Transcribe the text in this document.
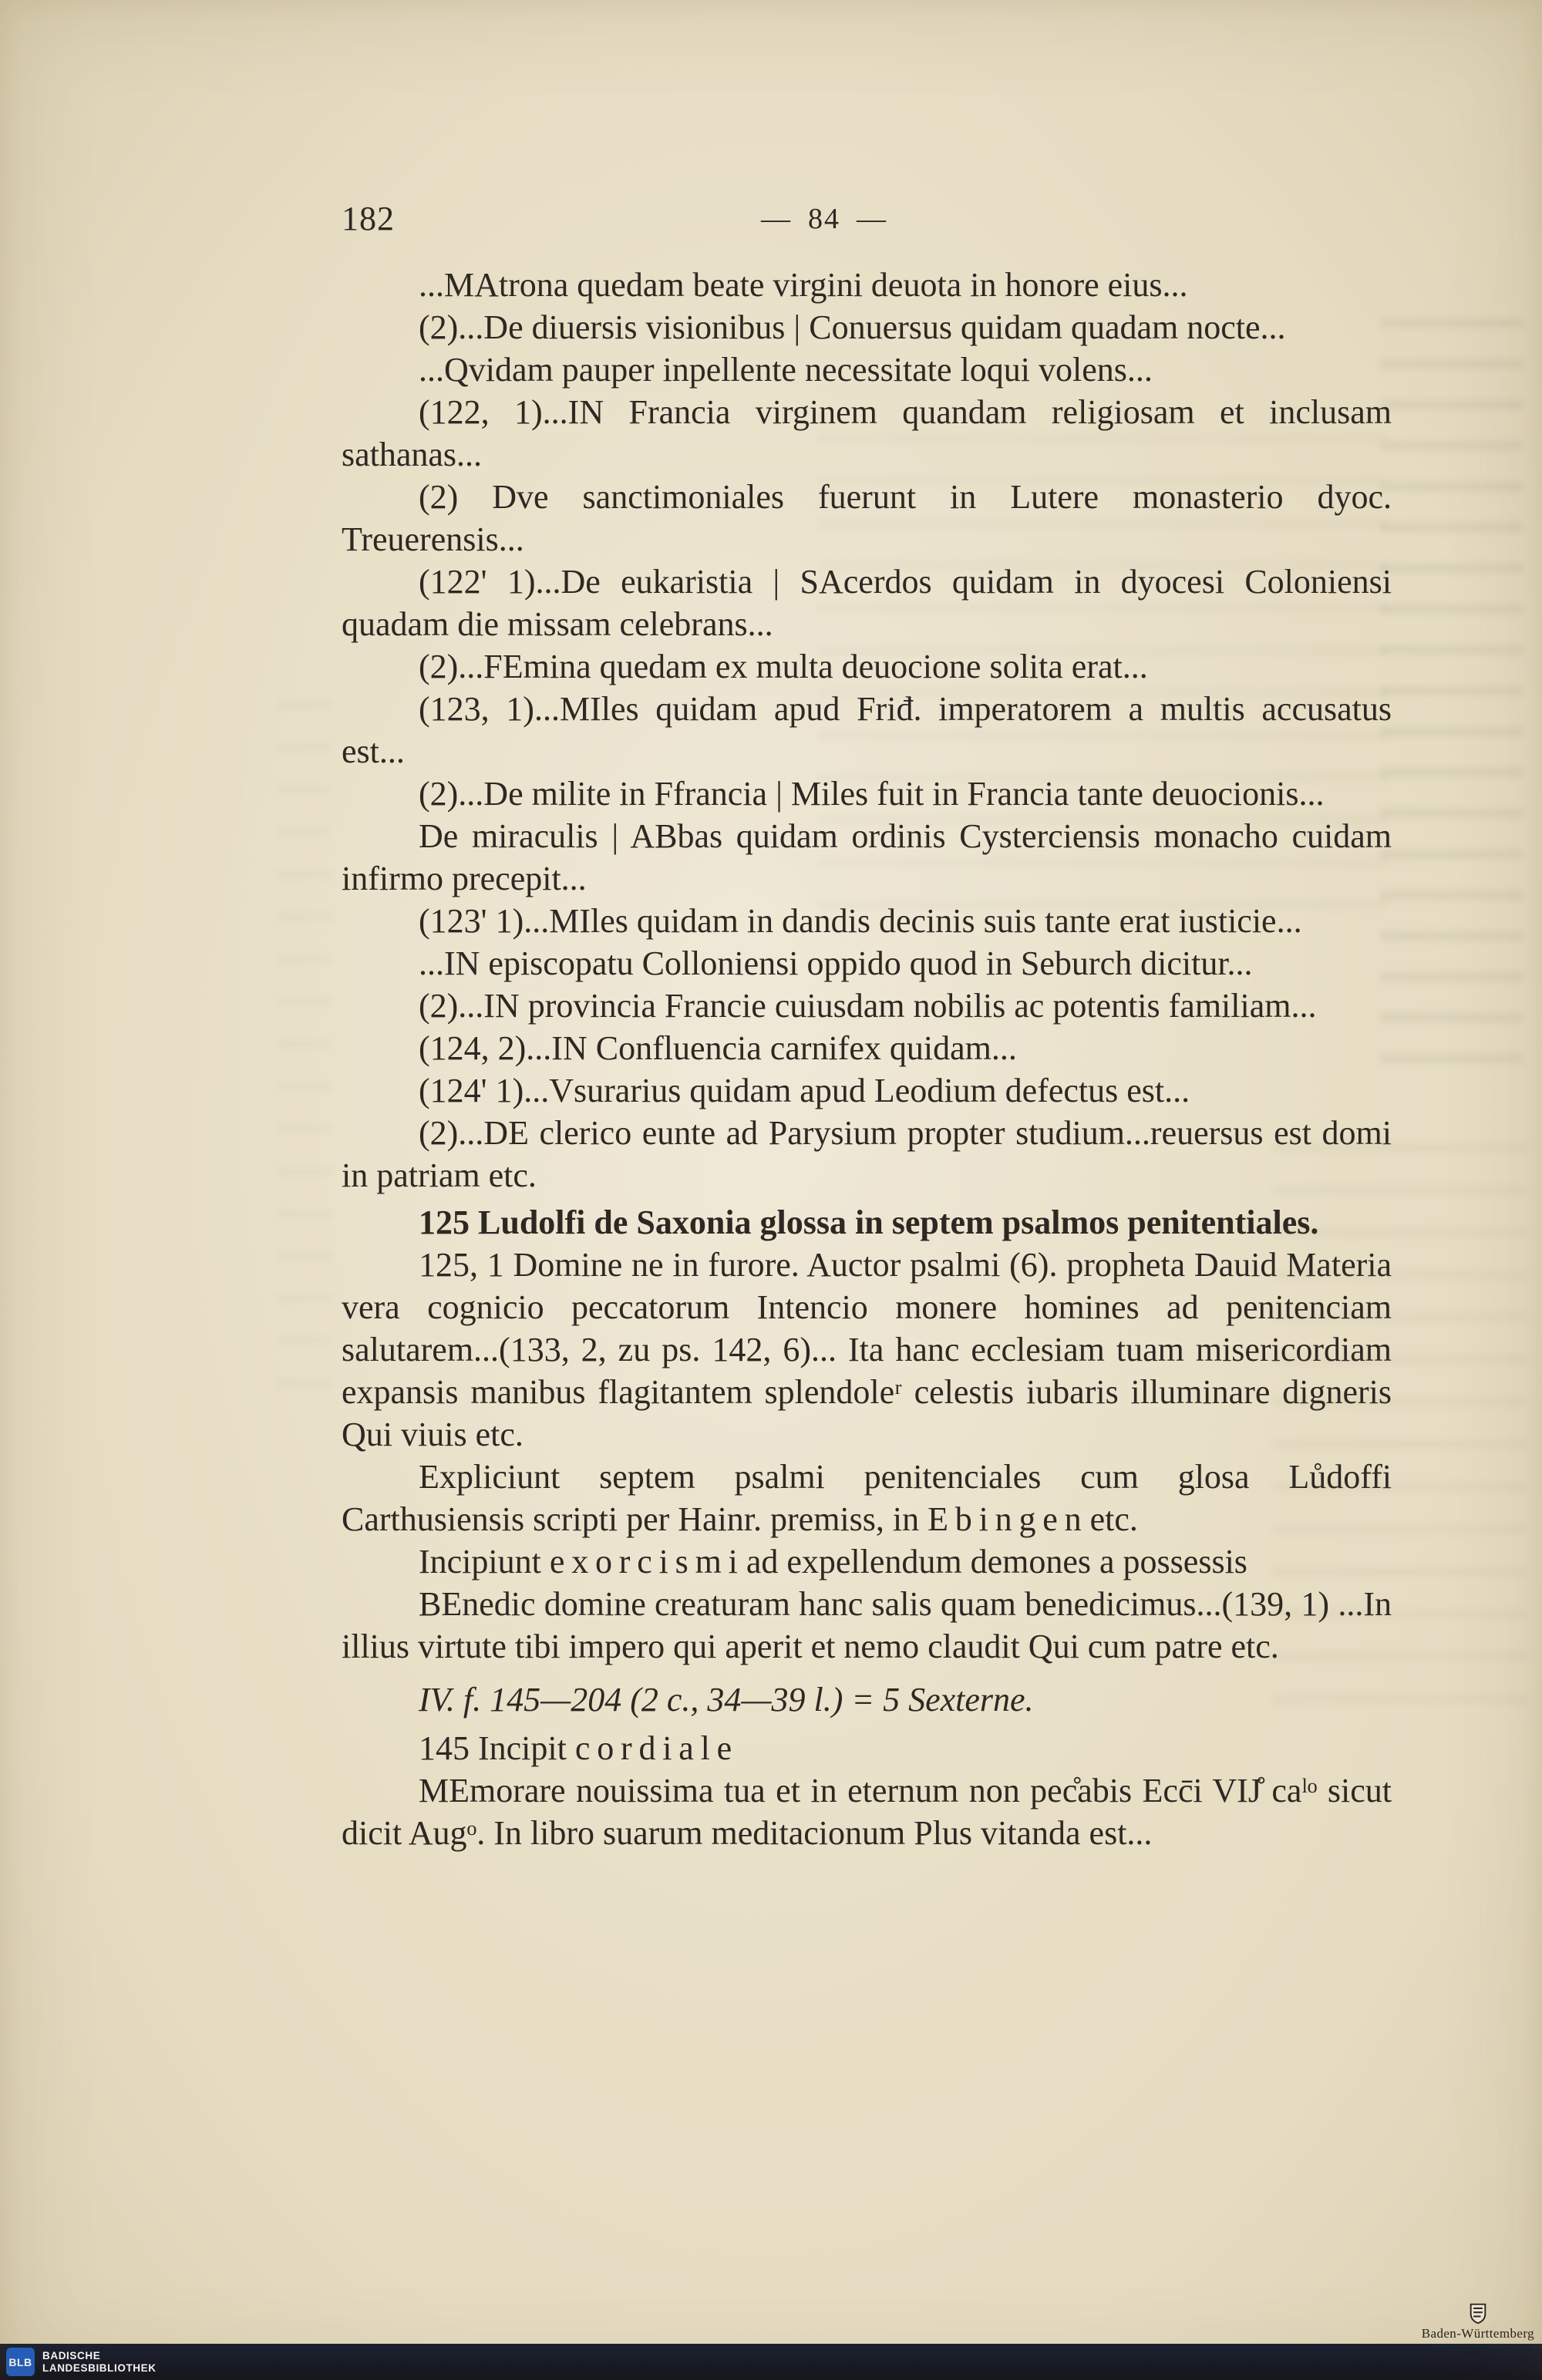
182	— 84 —

...MAtrona quedam beate virgini deuota in honore eius...

(2)...De diuersis visionibus | Conuersus quidam quadam nocte...

...Qvidam pauper inpellente necessitate loqui volens...

(122, 1)...IN Francia virginem quandam religiosam et inclusam sathanas...

(2) Dve sanctimoniales fuerunt in Lutere monasterio dyoc. Treuerensis...

(122' 1)...De eukaristia | SAcerdos quidam in dyocesi Coloniensi quadam die missam celebrans...

(2)...FEmina quedam ex multa deuocione solita erat...

(123, 1)...MIles quidam apud Friđ. imperatorem a multis accusatus est...

(2)...De milite in Ffrancia | Miles fuit in Francia tante deuocionis...

De miraculis | ABbas quidam ordinis Cysterciensis monacho cuidam infirmo precepit...

(123' 1)...MIles quidam in dandis decinis suis tante erat iusticie...

...IN episcopatu Colloniensi oppido quod in Seburch dicitur...

(2)...IN provincia Francie cuiusdam nobilis ac potentis familiam...

(124, 2)...IN Confluencia carnifex quidam...

(124' 1)...Vsurarius quidam apud Leodium defectus est...

(2)...DE clerico eunte ad Parysium propter studium...reuersus est domi in patriam etc.

125 Ludolfi de Saxonia glossa in septem psalmos penitentiales.

125, 1 Domine ne in furore. Auctor psalmi (6). propheta Dauid Materia vera cognicio peccatorum Intencio monere homines ad penitenciam salutarem...(133, 2, zu ps. 142, 6)... Ita hanc ecclesiam tuam misericordiam expansis manibus flagitantem splendoleʳ celestis iubaris illuminare digneris Qui viuis etc.

Expliciunt septem psalmi penitenciales cum glosa Lůdoffi Carthusiensis scripti per Hainr. premiss, in E b i n g e n etc.

Incipiunt e x o r c i s m i ad expellendum demones a possessis

BEnedic domine creaturam hanc salis quam benedicimus...(139, 1) ...In illius virtute tibi impero qui aperit et nemo claudit Qui cum patre etc.

IV. f. 145—204 (2 c., 34—39 l.) = 5 Sexterne.

145 Incipit c o r d i a l e

MEmorare nouissima tua et in eternum non pec̊abis Ecc̄i VIJ̊ caˡᵒ sicut dicit Augᵒ. In libro suarum meditacionum Plus vitanda est...

Baden-Württemberg
BLB
BADISCHE
LANDESBIBLIOTHEK
